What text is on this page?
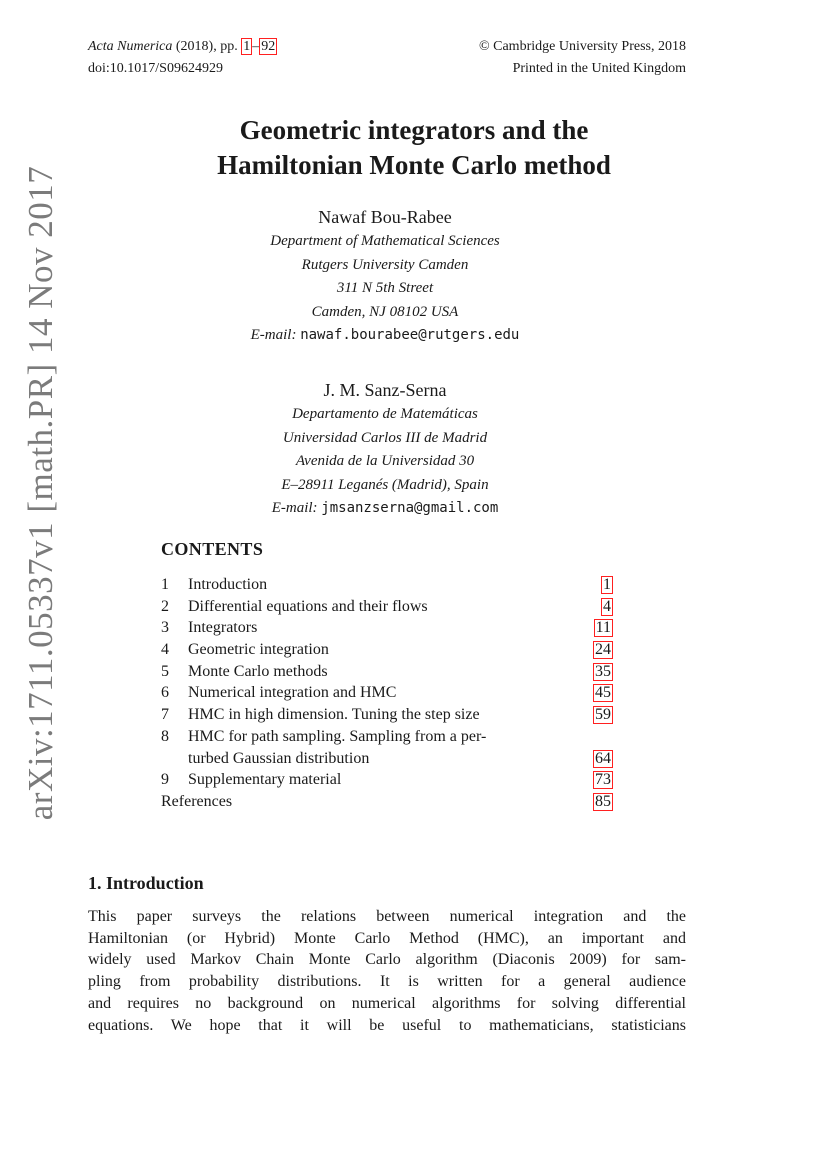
arXiv:1711.05337v1 [math.PR] 14 Nov 2017
Acta Numerica (2018), pp. 1 – 92
doi:10.1017/S09624929
© Cambridge University Press, 2018
Printed in the United Kingdom
Geometric integrators and the
Hamiltonian Monte Carlo method
Nawaf Bou-Rabee
Department of Mathematical Sciences
Rutgers University Camden
311 N 5th Street
Camden, NJ 08102 USA
E-mail: nawaf.bourabee@rutgers.edu
J. M. Sanz-Serna
Departamento de Matemáticas
Universidad Carlos III de Madrid
Avenida de la Universidad 30
E–28911 Leganés (Madrid), Spain
E-mail: jmsanzserna@gmail.com
CONTENTS
1	Introduction	1
2	Differential equations and their flows	4
3	Integrators	11
4	Geometric integration	24
5	Monte Carlo methods	35
6	Numerical integration and HMC	45
7	HMC in high dimension. Tuning the step size	59
8	HMC for path sampling. Sampling from a per-
turbed Gaussian distribution	64
9	Supplementary material	73
References	85
1. Introduction
This paper surveys the relations between numerical integration and the
Hamiltonian (or Hybrid) Monte Carlo Method (HMC), an important and
widely used Markov Chain Monte Carlo algorithm (Diaconis 2009) for sam-
pling from probability distributions. It is written for a general audience
and requires no background on numerical algorithms for solving differential
equations. We hope that it will be useful to mathematicians, statisticians
